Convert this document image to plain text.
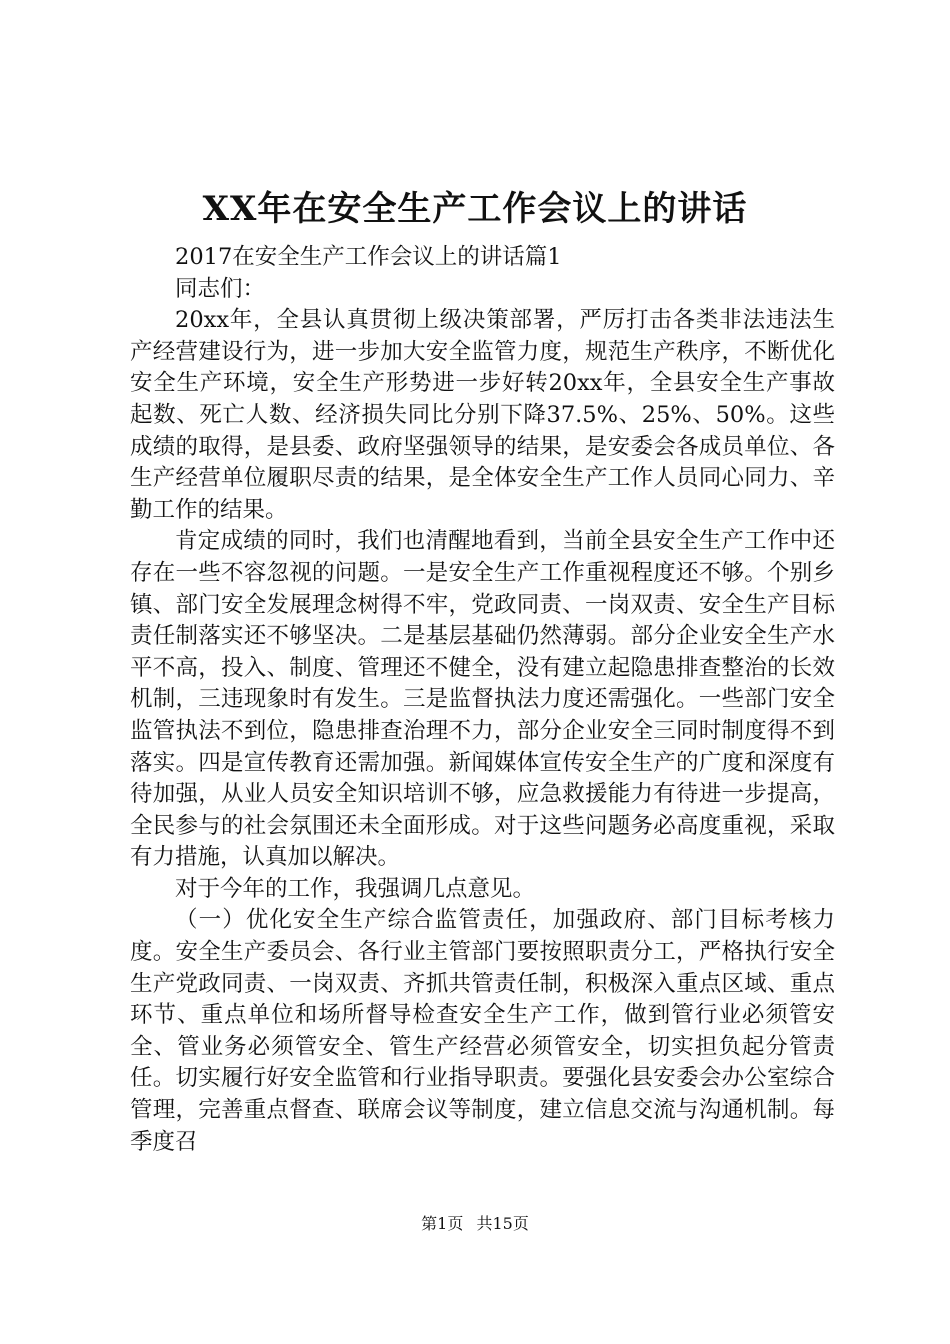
XX年在安全生产工作会议上的讲话

2017在安全生产工作会议上的讲话篇1

同志们：

20xx年，全县认真贯彻上级决策部署，严厉打击各类非法违法生产经营建设行为，进一步加大安全监管力度，规范生产秩序，不断优化安全生产环境，安全生产形势进一步好转20xx年，全县安全生产事故起数、死亡人数、经济损失同比分别下降37.5%、25%、50%。这些成绩的取得，是县委、政府坚强领导的结果，是安委会各成员单位、各生产经营单位履职尽责的结果，是全体安全生产工作人员同心同力、辛勤工作的结果。

肯定成绩的同时，我们也清醒地看到，当前全县安全生产工作中还存在一些不容忽视的问题。一是安全生产工作重视程度还不够。个别乡镇、部门安全发展理念树得不牢，党政同责、一岗双责、安全生产目标责任制落实还不够坚决。二是基层基础仍然薄弱。部分企业安全生产水平不高，投入、制度、管理还不健全，没有建立起隐患排查整治的长效机制，三违现象时有发生。三是监督执法力度还需强化。一些部门安全监管执法不到位，隐患排查治理不力，部分企业安全三同时制度得不到落实。四是宣传教育还需加强。新闻媒体宣传安全生产的广度和深度有待加强，从业人员安全知识培训不够，应急救援能力有待进一步提高，全民参与的社会氛围还未全面形成。对于这些问题务必高度重视，采取有力措施，认真加以解决。

对于今年的工作，我强调几点意见。

（一）优化安全生产综合监管责任，加强政府、部门目标考核力度。安全生产委员会、各行业主管部门要按照职责分工，严格执行安全生产党政同责、一岗双责、齐抓共管责任制，积极深入重点区域、重点环节、重点单位和场所督导检查安全生产工作，做到管行业必须管安全、管业务必须管安全、管生产经营必须管安全，切实担负起分管责任。切实履行好安全监管和行业指导职责。要强化县安委会办公室综合管理，完善重点督查、联席会议等制度，建立信息交流与沟通机制。每季度召

第1页 共15页
